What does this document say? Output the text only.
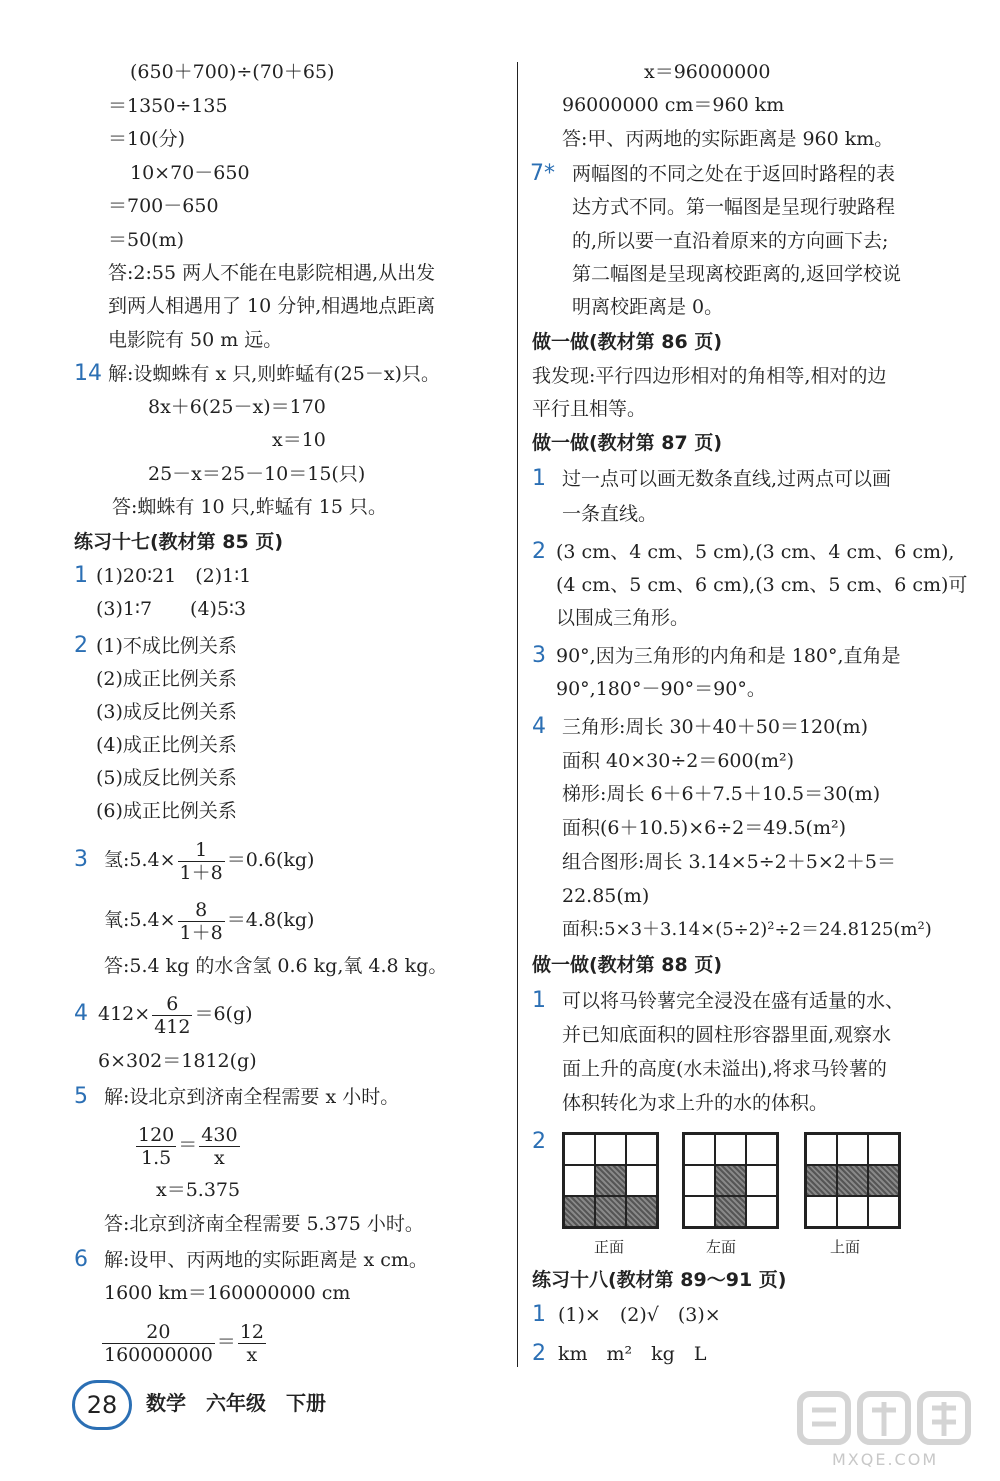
(650＋700)÷(70＋65)
＝1350÷135
＝10(分)
10×70－650
＝700－650
＝50(m)
答:2:55 两人不能在电影院相遇,从出发
到两人相遇用了 10 分钟,相遇地点距离
电影院有 50 m 远。
14 解:设蜘蛛有 x 只,则蚱蜢有(25－x)只。
8x＋6(25－x)＝170
x＝10
25－x＝25－10＝15(只)
答:蜘蛛有 10 只,蚱蜢有 15 只。
练习十七(教材第 85 页)
1 (1)20∶21　(2)1∶1
(3)1∶7　　(4)5∶3
2 (1)不成比例关系
(2)成正比例关系
(3)成反比例关系
(4)成正比例关系
(5)成反比例关系
(6)成正比例关系
3 氢:5.4× $\frac{1}{1+8} =0.6(kg)$
氧:5.4× $\frac{8}{1+8} =4.8(kg)$
答:5.4 kg 的水含氢 0.6 kg,氧 4.8 kg。
4 $412\times \frac{6}{412} =6(g)$
6×302＝1812(g)
5 解:设北京到济南全程需要 x 小时。
$\frac{120}{1.5} = \frac{430}{x}$
x＝5.375
答:北京到济南全程需要 5.375 小时。
6 解:设甲、丙两地的实际距离是 x cm。
1600 km＝160000000 cm
$\frac{20}{160000000} = \frac{12}{x}$
x＝96000000
96000000 cm＝960 km
答:甲、丙两地的实际距离是 960 km。
7* 两幅图的不同之处在于返回时路程的表
达方式不同。第一幅图是呈现行驶路程
的,所以要一直沿着原来的方向画下去;
第二幅图是呈现离校距离的,返回学校说
明离校距离是 0。
做一做(教材第 86 页)
我发现:平行四边形相对的角相等,相对的边
平行且相等。
做一做(教材第 87 页)
1 过一点可以画无数条直线,过两点可以画
一条直线。
2 (3 cm、4 cm、5 cm),(3 cm、4 cm、6 cm),
(4 cm、5 cm、6 cm),(3 cm、5 cm、6 cm)可
以围成三角形。
3 90°,因为三角形的内角和是 180°,直角是
90°,180°－90°＝90°。
4 三角形:周长 30＋40＋50＝120(m)
面积 40×30÷2＝600(m²)
梯形:周长 6＋6＋7.5＋10.5＝30(m)
面积(6＋10.5)×6÷2＝49.5(m²)
组合图形:周长 3.14×5÷2＋5×2＋5＝
22.85(m)
面积:5×3＋3.14×(5÷2)²÷2＝24.8125(m²)
做一做(教材第 88 页)
1 可以将马铃薯完全浸没在盛有适量的水、
并已知底面积的圆柱形容器里面,观察水
面上升的高度(水未溢出),将求马铃薯的
体积转化为求上升的水的体积。
2
正面	左面	上面
练习十八(教材第 89～91 页)
1 (1)×　(2)√　(3)×
2 km　m²　kg　L
28	数学　六年级　下册
MXQE.COM
